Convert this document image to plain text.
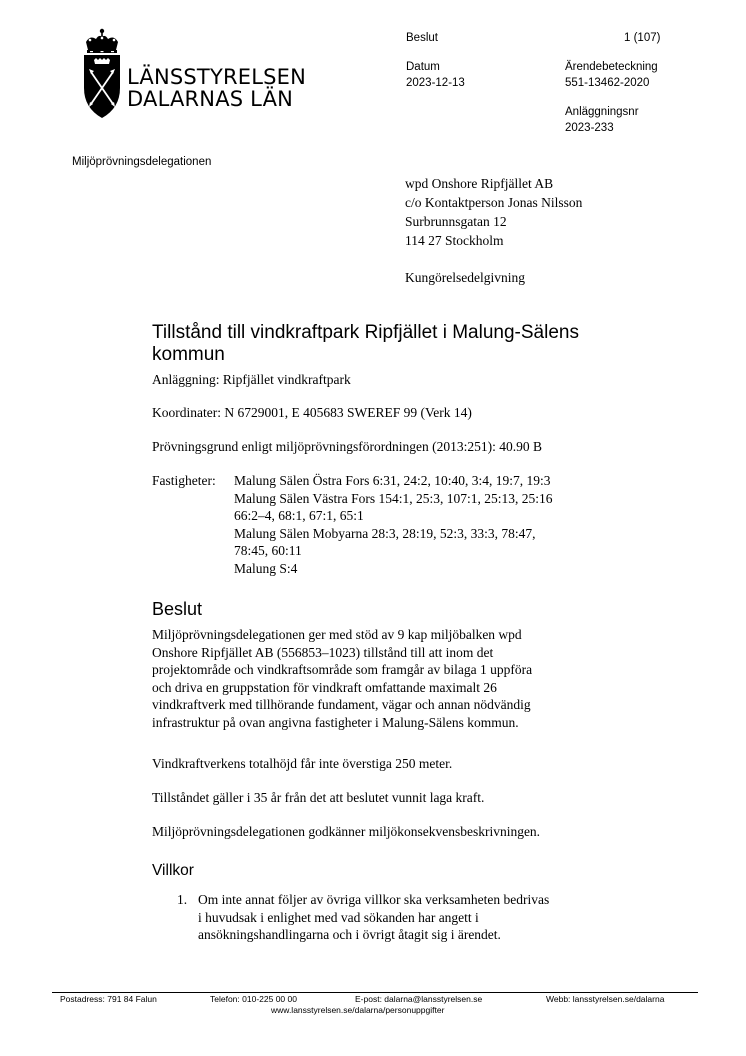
LÄNSSTYRELSEN
DALARNAS LÄN
Beslut	1 (107)
Datum
2023-12-13
Ärendebeteckning
551-13462-2020
Anläggningsnr
2023-233
Miljöprövningsdelegationen
wpd Onshore Ripfjället AB
c/o Kontaktperson Jonas Nilsson
Surbrunnsgatan 12
114 27 Stockholm
Kungörelsedelgivning
Tillstånd till vindkraftpark Ripfjället i Malung-Sälens kommun

Anläggning: Ripfjället vindkraftpark

Koordinater: N 6729001, E 405683 SWEREF 99 (Verk 14)

Prövningsgrund enligt miljöprövningsförordningen (2013:251): 40.90 B

Fastigheter: Malung Sälen Östra Fors 6:31, 24:2, 10:40, 3:4, 19:7, 19:3
Malung Sälen Västra Fors 154:1, 25:3, 107:1, 25:13, 25:16
66:2–4, 68:1, 67:1, 65:1
Malung Sälen Mobyarna 28:3, 28:19, 52:3, 33:3, 78:47,
78:45, 60:11
Malung S:4
Beslut
Miljöprövningsdelegationen ger med stöd av 9 kap miljöbalken wpd
Onshore Ripfjället AB (556853–1023) tillstånd till att inom det
projektområde och vindkraftsområde som framgår av bilaga 1 uppföra
och driva en gruppstation för vindkraft omfattande maximalt 26
vindkraftverk med tillhörande fundament, vägar och annan nödvändig
infrastruktur på ovan angivna fastigheter i Malung-Sälens kommun.

Vindkraftverkens totalhöjd får inte överstiga 250 meter.

Tillståndet gäller i 35 år från det att beslutet vunnit laga kraft.

Miljöprövningsdelegationen godkänner miljökonsekvensbeskrivningen.

Villkor
1. Om inte annat följer av övriga villkor ska verksamheten bedrivas
i huvudsak i enlighet med vad sökanden har angett i
ansökningshandlingarna och i övrigt åtagit sig i ärendet.
Postadress: 791 84 Falun	Telefon: 010-225 00 00	E-post: dalarna@lansstyrelsen.se	Webb: lansstyrelsen.se/dalarna
www.lansstyrelsen.se/dalarna/personuppgifter
